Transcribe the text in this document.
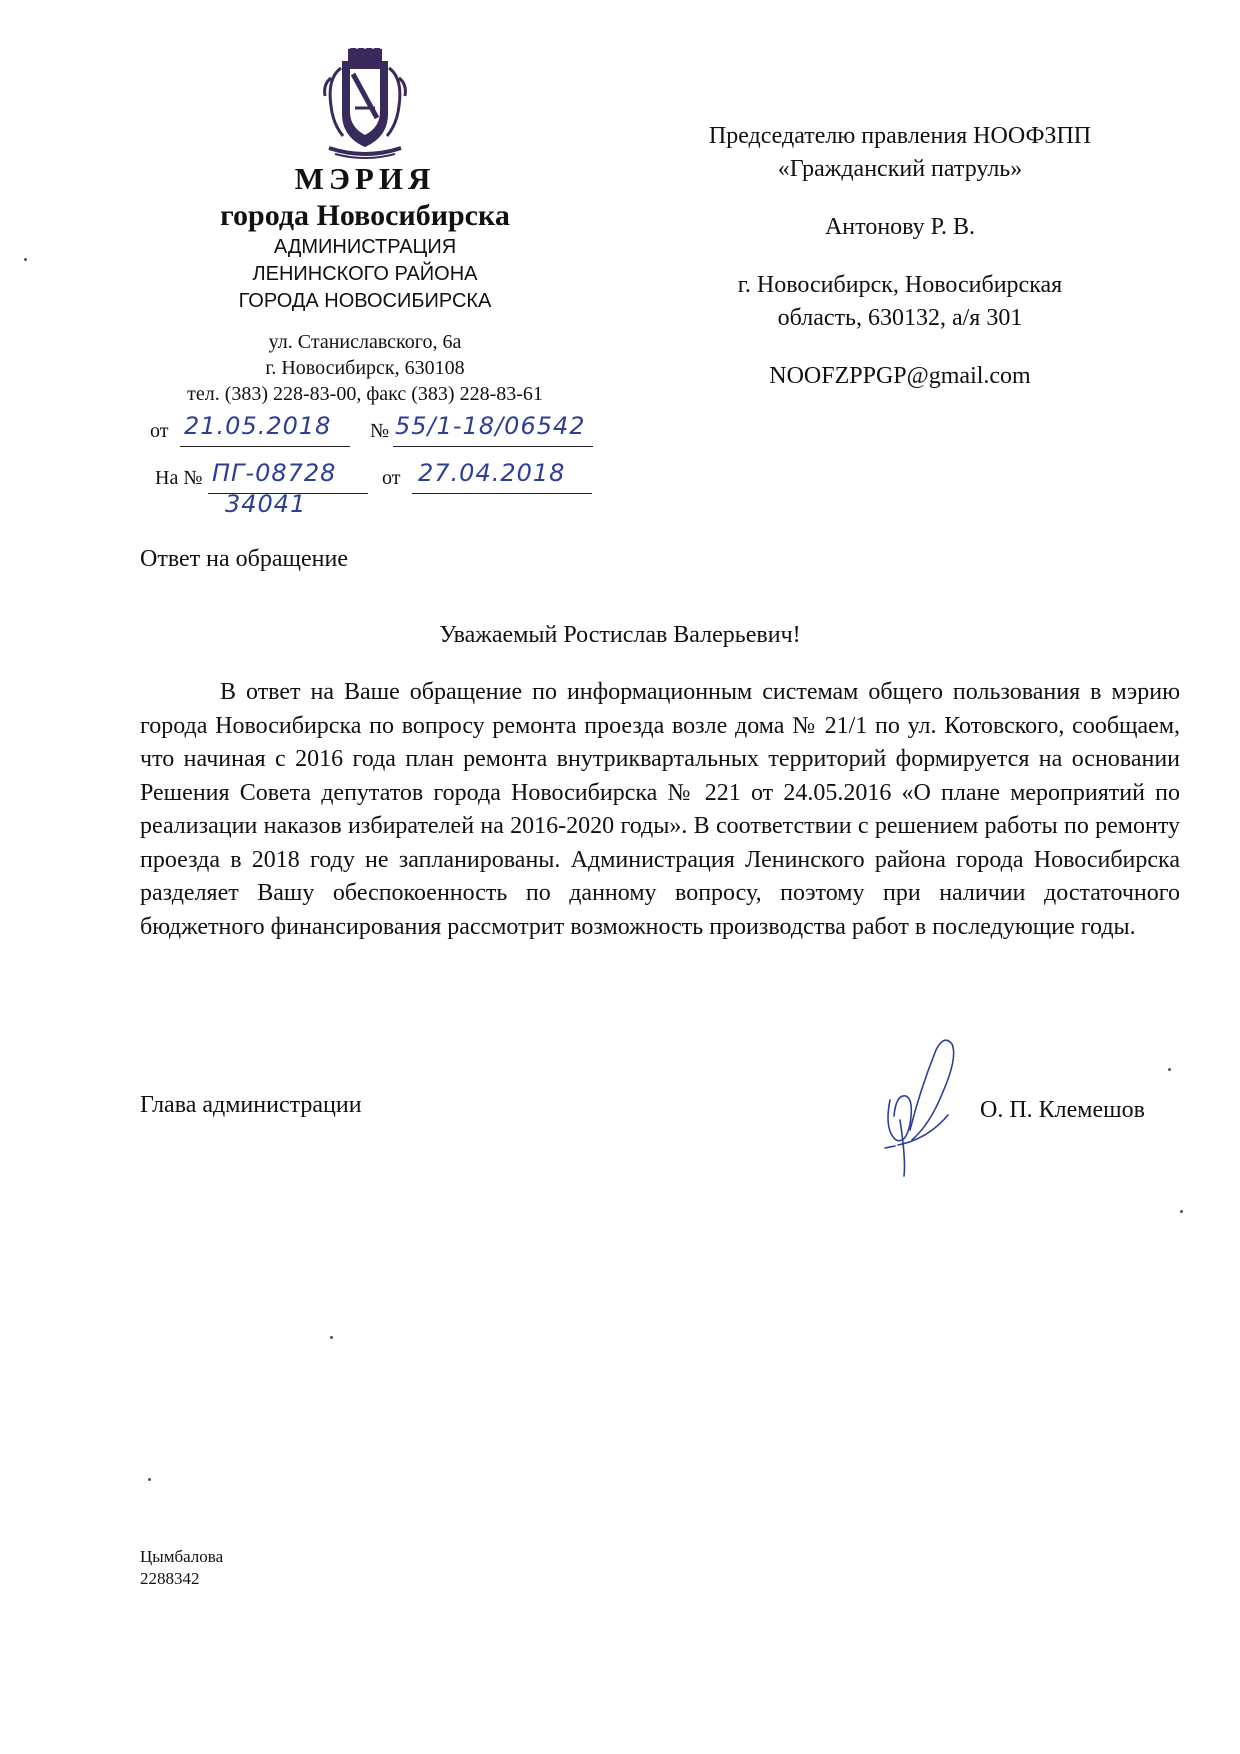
МЭРИЯ
города Новосибирска
АДМИНИСТРАЦИЯ
ЛЕНИНСКОГО РАЙОНА
ГОРОДА НОВОСИБИРСКА
ул. Станиславского, 6а
г. Новосибирск, 630108
тел. (383) 228-83-00, факс (383) 228-83-61
от 21.05.2018 № 55/1-18/06542
На № ПГ-08728
34041
от 27.04.2018
Председателю правления НООФЗПП
«Гражданский патруль»
Антонову Р. В.
г. Новосибирск, Новосибирская
область, 630132, а/я 301
NOOFZPPGP@gmail.com
Ответ на обращение
Уважаемый Ростислав Валерьевич!
В ответ на Ваше обращение по информационным системам общего пользования в мэрию города Новосибирска по вопросу ремонта проезда возле дома № 21/1 по ул. Котовского, сообщаем, что начиная с 2016 года план ремонта внутриквартальных территорий формируется на основании Решения Совета депутатов города Новосибирска № 221 от 24.05.2016 «О плане мероприятий по реализации наказов избирателей на 2016-2020 годы». В соответствии с решением работы по ремонту проезда в 2018 году не запланированы. Администрация Ленинского района города Новосибирска разделяет Вашу обеспокоенность по данному вопросу, поэтому при наличии достаточного бюджетного финансирования рассмотрит возможность производства работ в последующие годы.
Глава администрации	О. П. Клемешов
Цымбалова
2288342
